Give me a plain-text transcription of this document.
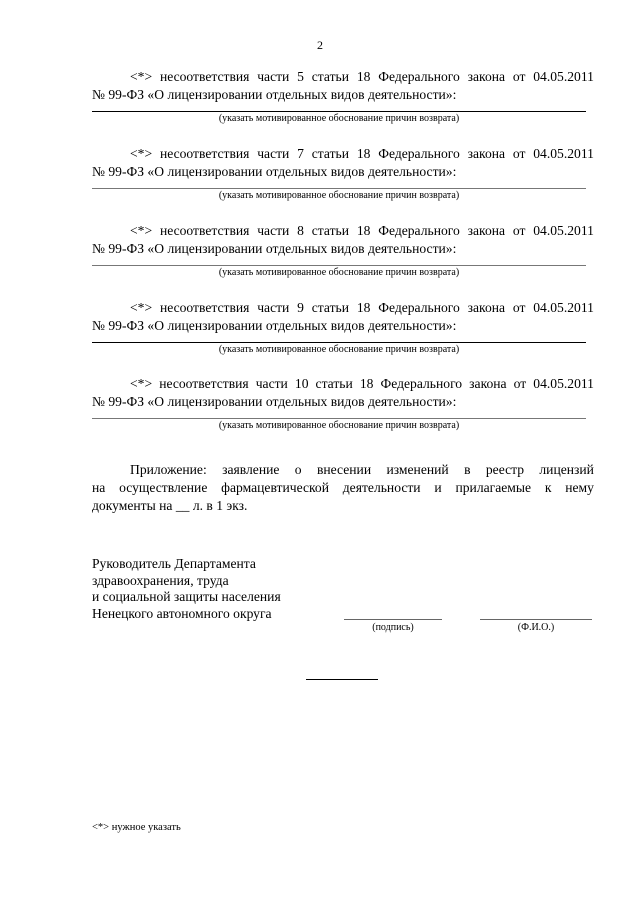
2
<*> несоответствия части 5 статьи 18 Федерального закона от 04.05.2011
№ 99-ФЗ «О лицензировании отдельных видов деятельности»:
(указать мотивированное обоснование причин возврата)
<*> несоответствия части 7 статьи 18 Федерального закона от 04.05.2011
№ 99-ФЗ «О лицензировании отдельных видов деятельности»:
(указать мотивированное обоснование причин возврата)
<*> несоответствия части 8 статьи 18 Федерального закона от 04.05.2011
№ 99-ФЗ «О лицензировании отдельных видов деятельности»:
(указать мотивированное обоснование причин возврата)
<*> несоответствия части 9 статьи 18 Федерального закона от 04.05.2011
№ 99-ФЗ «О лицензировании отдельных видов деятельности»:
(указать мотивированное обоснование причин возврата)
<*> несоответствия части 10 статьи 18 Федерального закона от 04.05.2011
№ 99-ФЗ «О лицензировании отдельных видов деятельности»:
(указать мотивированное обоснование причин возврата)
Приложение: заявление о внесении изменений в реестр лицензий
на осуществление фармацевтической деятельности и прилагаемые к нему
документы на __ л. в 1 экз.
Руководитель Департамента
здравоохранения, труда
и социальной защиты населения
Ненецкого автономного округа
(подпись)	(Ф.И.О.)
<*> нужное указать
